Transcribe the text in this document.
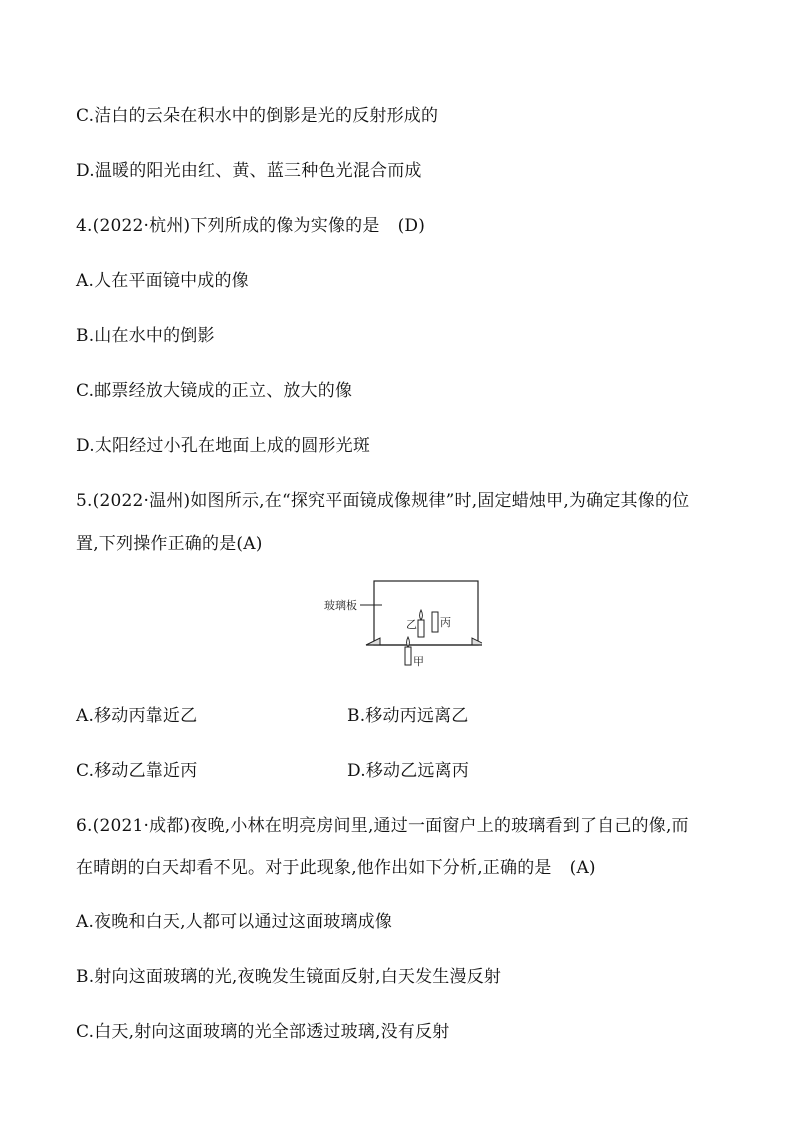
C.洁白的云朵在积水中的倒影是光的反射形成的
D.温暖的阳光由红、黄、蓝三种色光混合而成
4.(2022·杭州)下列所成的像为实像的是 (D)
A.人在平面镜中成的像
B.山在水中的倒影
C.邮票经放大镜成的正立、放大的像
D.太阳经过小孔在地面上成的圆形光斑
5.(2022·温州)如图所示,在“探究平面镜成像规律”时,固定蜡烛甲,为确定其像的位
置,下列操作正确的是(A)
玻璃板
乙 丙
甲
A.移动丙靠近乙	B.移动丙远离乙
C.移动乙靠近丙	D.移动乙远离丙
6.(2021·成都)夜晚,小林在明亮房间里,通过一面窗户上的玻璃看到了自己的像,而
在晴朗的白天却看不见。对于此现象,他作出如下分析,正确的是 (A)
A.夜晚和白天,人都可以通过这面玻璃成像
B.射向这面玻璃的光,夜晚发生镜面反射,白天发生漫反射
C.白天,射向这面玻璃的光全部透过玻璃,没有反射
